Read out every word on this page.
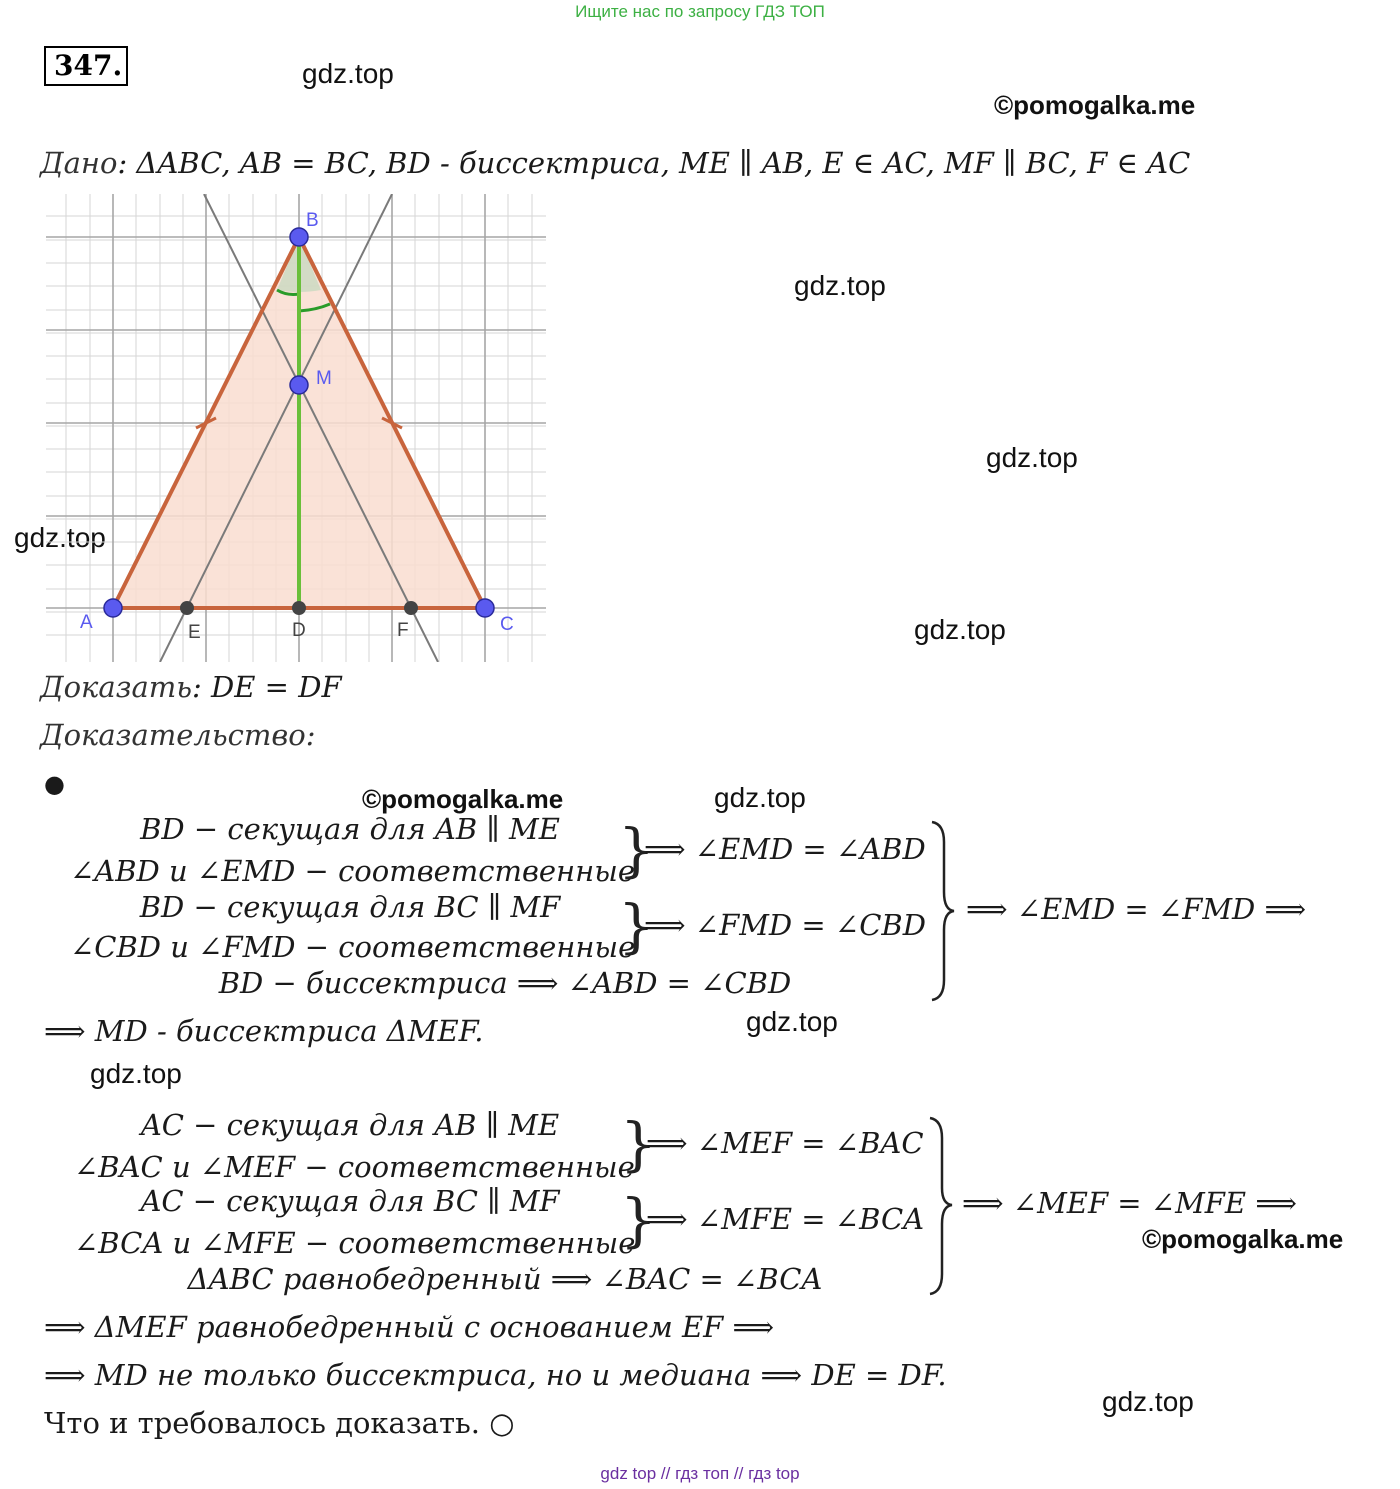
Ищите нас по запросу ГДЗ ТОП
347.	gdz.top
©pomogalka.me
gdz.top
gdz.top
gdz.top
gdz.top
©pomogalka.me	gdz.top
gdz.top
gdz.top
©pomogalka.me
gdz.top
Дано: ΔABC, AB = BC, BD - биссектриса, ME ∥ AB, E ∈ AC, MF ∥ BC, F ∈ AC
A
B
C
M
E	D	F
Доказать: DE = DF
Доказательство:
●
BD − секущая для AB ∥ ME
∠ABD и ∠EMD − соответственные
}
⟹ ∠EMD = ∠ABD
BD − секущая для BC ∥ MF
∠CBD и ∠FMD − соответственные
}
⟹ ∠FMD = ∠CBD
BD − биссектриса ⟹ ∠ABD = ∠CBD
⟹ ∠EMD = ∠FMD ⟹
⟹ MD - биссектриса ΔMEF.
AC − секущая для AB ∥ ME
∠BAC и ∠MEF − соответственные
}
⟹ ∠MEF = ∠BAC
AC − секущая для BC ∥ MF
∠BCA и ∠MFE − соответственные
}
⟹ ∠MFE = ∠BCA
ΔABC равнобедренный ⟹ ∠BAC = ∠BCA
⟹ ∠MEF = ∠MFE ⟹
⟹ ΔMEF равнобедренный с основанием EF ⟹
⟹ MD не только биссектриса, но и медиана ⟹ DE = DF.
Что и требовалось доказать. ○
gdz top // гдз топ // гдз top
